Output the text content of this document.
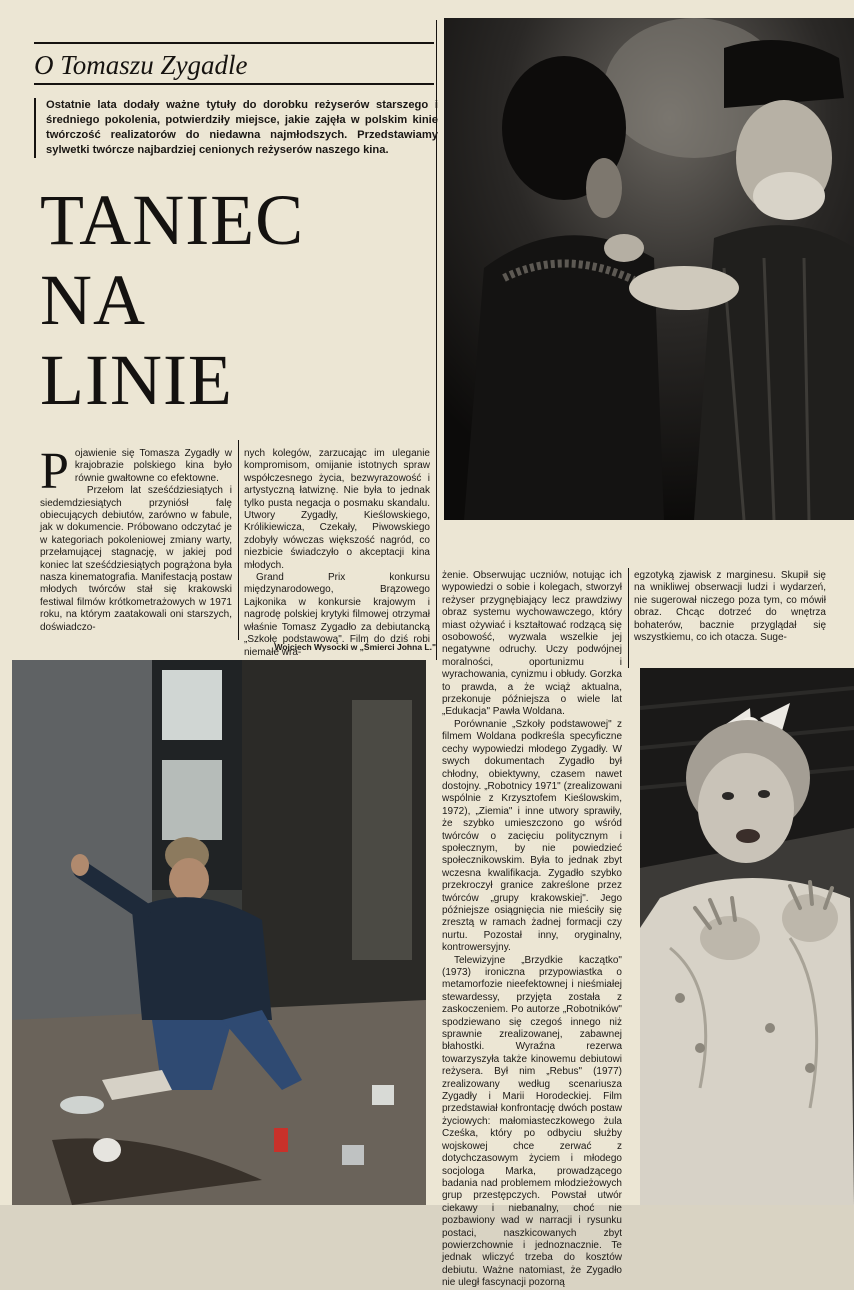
O Tomaszu Zygadle
Ostatnie lata dodały ważne tytuły do dorobku reżyserów starszego i średniego pokolenia, potwierdziły miejsce, jakie zajęła w polskim kinie twórczość realizatorów do niedawna najmłodszych. Przedstawiamy sylwetki twórcze najbardziej cenionych reżyserów naszego kina.
TANIEC
NA
LINIE

Pojawienie się Tomasza Zygadły w krajobrazie polskiego kina było równie gwałtowne co efektowne.

Przełom lat sześćdziesiątych i siedemdziesiątych przyniósł falę obiecujących debiutów, zarówno w fabule, jak w dokumencie. Próbowano odczytać je w kategoriach pokoleniowej zmiany warty, przełamującej stagnację, w jakiej pod koniec lat sześćdziesiątych pogrążona była nasza kinematografia. Manifestacją postaw młodych twórców stał się krakowski festiwal filmów krótkometrażowych w 1971 roku, na którym zaatakowali oni starszych, doświadczo-

nych kolegów, zarzucając im uleganie kompromisom, omijanie istotnych spraw współczesnego życia, bezwyrazowość i artystyczną łatwiznę. Nie była to jednak tylko pusta negacja o posmaku skandalu. Utwory Zygadły, Kieślowskiego, Królikiewicza, Czekały, Piwowskiego zdobyły wówczas większość nagród, co niezbicie świadczyło o akceptacji kina młodych.

Grand Prix konkursu międzynarodowego, Brązowego Lajkonika w konkursie krajowym i nagrodę polskiej krytyki filmowej otrzymał właśnie Tomasz Zygadło za debiutancką „Szkołę podstawową". Film do dziś robi niemałe wra-

Wojciech Wysocki w „Śmierci Johna L."

żenie. Obserwując uczniów, notując ich wypowiedzi o sobie i kolegach, stworzył reżyser przygnębiający lecz prawdziwy obraz systemu wychowawczego, który miast ożywiać i kształtować rodzącą się osobowość, wyzwala wszelkie jej negatywne odruchy. Uczy podwójnej moralności, oportunizmu i wyrachowania, cynizmu i obłudy. Gorzka to prawda, a że wciąż aktualna, przekonuje późniejsza o wiele lat „Edukacja" Pawła Woldana.

Porównanie „Szkoły podstawowej" z filmem Woldana podkreśla specyficzne cechy wypowiedzi młodego Zygadły. W swych dokumentach Zygadło był chłodny, obiektywny, czasem nawet dostojny. „Robotnicy 1971" (zrealizowani wspólnie z Krzysztofem Kieślowskim, 1972), „Ziemia" i inne utwory sprawiły, że szybko umieszczono go wśród twórców o zacięciu politycznym i społecznym, by nie powiedzieć społecznikowskim. Była to jednak zbyt wczesna kwalifikacja. Zygadło szybko przekroczył granice zakreślone przez twórców „grupy krakowskiej". Jego późniejsze osiągnięcia nie mieściły się zresztą w ramach żadnej formacji czy nurtu. Pozostał inny, oryginalny, kontrowersyjny.

Telewizyjne „Brzydkie kaczątko" (1973) ironiczna przypowiastka o metamorfozie nieefektownej i nieśmiałej stewardessy, przyjęta została z zaskoczeniem. Po autorze „Robotników" spodziewano się czegoś innego niż sprawnie zrealizowanej, zabawnej błahostki. Wyraźna rezerwa towarzyszyła także kinowemu debiutowi reżysera. Był nim „Rebus" (1977) zrealizowany według scenariusza Zygadły i Marii Horodeckiej. Film przedstawiał konfrontację dwóch postaw życiowych: małomiasteczkowego żula Cześka, który po odbyciu służby wojskowej chce zerwać z dotychczasowym życiem i młodego socjologa Marka, prowadzącego badania nad problemem młodzieżowych grup przestępczych. Powstał utwór ciekawy i niebanalny, choć nie pozbawiony wad w narracji i rysunku postaci, naszkicowanych zbyt powierzchownie i jednoznacznie. Te jednak wliczyć trzeba do kosztów debiutu. Ważne natomiast, że Zygadło nie uległ fascynacji pozorną

egzotyką zjawisk z marginesu. Skupił się na wnikliwej obserwacji ludzi i wydarzeń, nie sugerował niczego poza tym, co mówił obraz. Chcąc dotrzeć do wnętrza bohaterów, bacznie przyglądał się wszystkiemu, co ich otacza. Suge-
